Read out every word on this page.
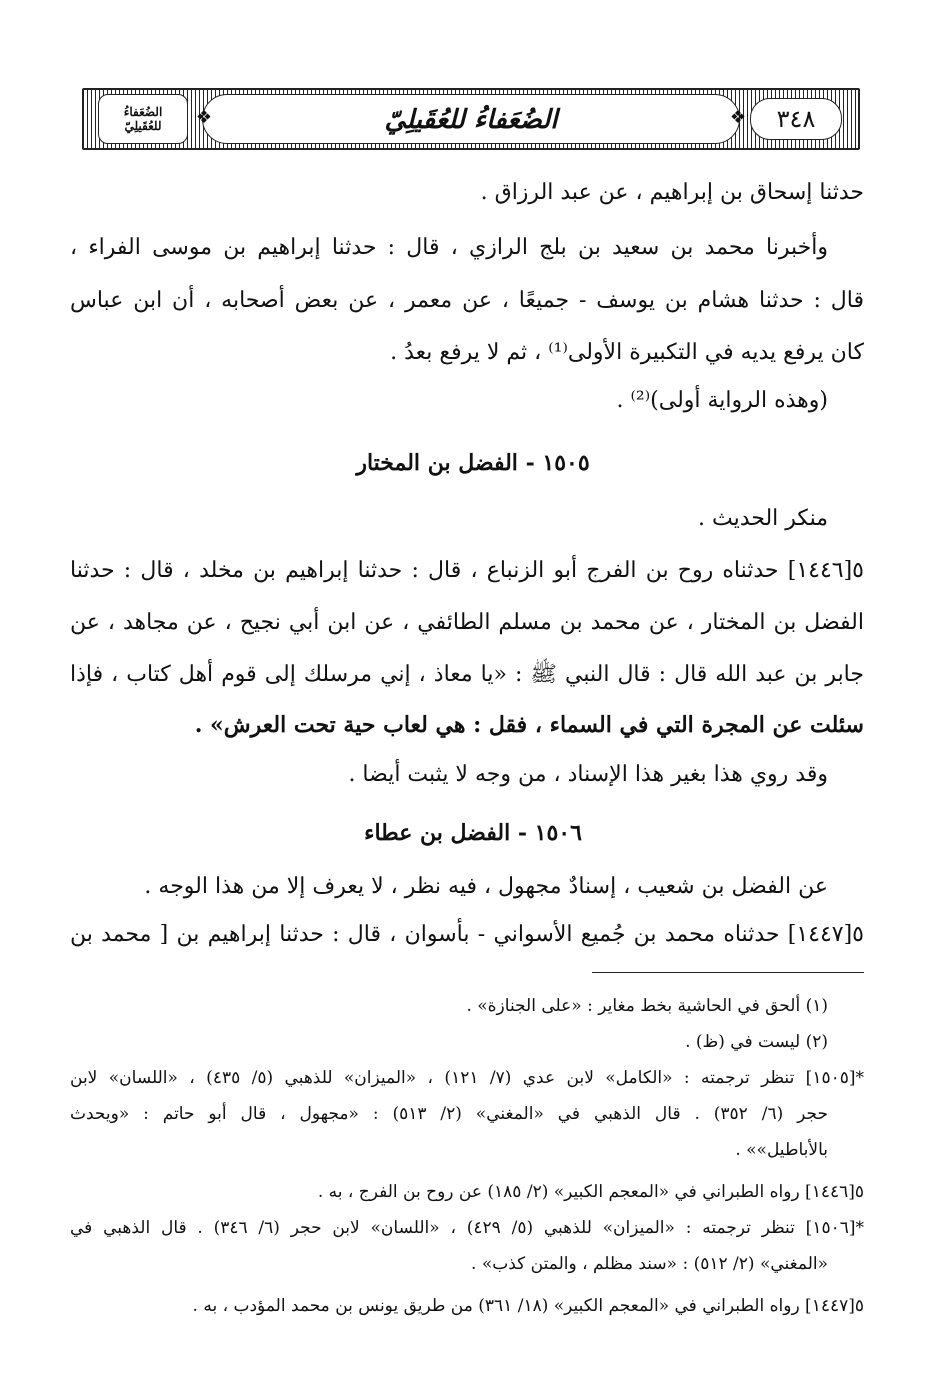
الضُعَفاءُ للعُقَيلِيّ	❖
❖	٣٤٨
الضُعَفاءُ
للعُقَيلِيّ
حدثنا إسحاق بن إبراهيم ، عن عبد الرزاق .
وأخبرنا محمد بن سعيد بن بلج الرازي ، قال : حدثنا إبراهيم بن موسى الفراء ،
قال : حدثنا هشام بن يوسف - جميعًا ، عن معمر ، عن بعض أصحابه ، أن ابن عباس
كان يرفع يديه في التكبيرة الأولى⁽¹⁾ ، ثم لا يرفع بعدُ .
(وهذه الرواية أولى)⁽²⁾ .
١٥٠٥ - الفضل بن المختار
منكر الحديث .
٥[١٤٤٦] حدثناه روح بن الفرج أبو الزنباع ، قال : حدثنا إبراهيم بن مخلد ، قال : حدثنا
الفضل بن المختار ، عن محمد بن مسلم الطائفي ، عن ابن أبي نجيح ، عن مجاهد ، عن
جابر بن عبد الله قال : قال النبي ﷺ : «يا معاذ ، إني مرسلك إلى قوم أهل كتاب ، فإذا
سئلت عن المجرة التي في السماء ، فقل : هي لعاب حية تحت العرش» .
وقد روي هذا بغير هذا الإسناد ، من وجه لا يثبت أيضا .
١٥٠٦ - الفضل بن عطاء
عن الفضل بن شعيب ، إسنادٌ مجهول ، فيه نظر ، لا يعرف إلا من هذا الوجه .
٥[١٤٤٧] حدثناه محمد بن جُميع الأسواني - بأسوان ، قال : حدثنا إبراهيم بن [ محمد بن
(١) ألحق في الحاشية بخط مغاير : «على الجنازة» .
(٢) ليست في (ظ) .
*[١٥٠٥] تنظر ترجمته : «الكامل» لابن عدي (٧/ ١٢١) ، «الميزان» للذهبي (٥/ ٤٣٥) ، «اللسان» لابن
حجر (٦/ ٣٥٢) . قال الذهبي في «المغني» (٢/ ٥١٣) : «مجهول ، قال أبو حاتم : «ويحدث
بالأباطيل»» .
٥[١٤٤٦] رواه الطبراني في «المعجم الكبير» (٢/ ١٨٥) عن روح بن الفرج ، به .
*[١٥٠٦] تنظر ترجمته : «الميزان» للذهبي (٥/ ٤٢٩) ، «اللسان» لابن حجر (٦/ ٣٤٦) . قال الذهبي في
«المغني» (٢/ ٥١٢) : «سند مظلم ، والمتن كذب» .
٥[١٤٤٧] رواه الطبراني في «المعجم الكبير» (١٨/ ٣٦١) من طريق يونس بن محمد المؤدب ، به .
